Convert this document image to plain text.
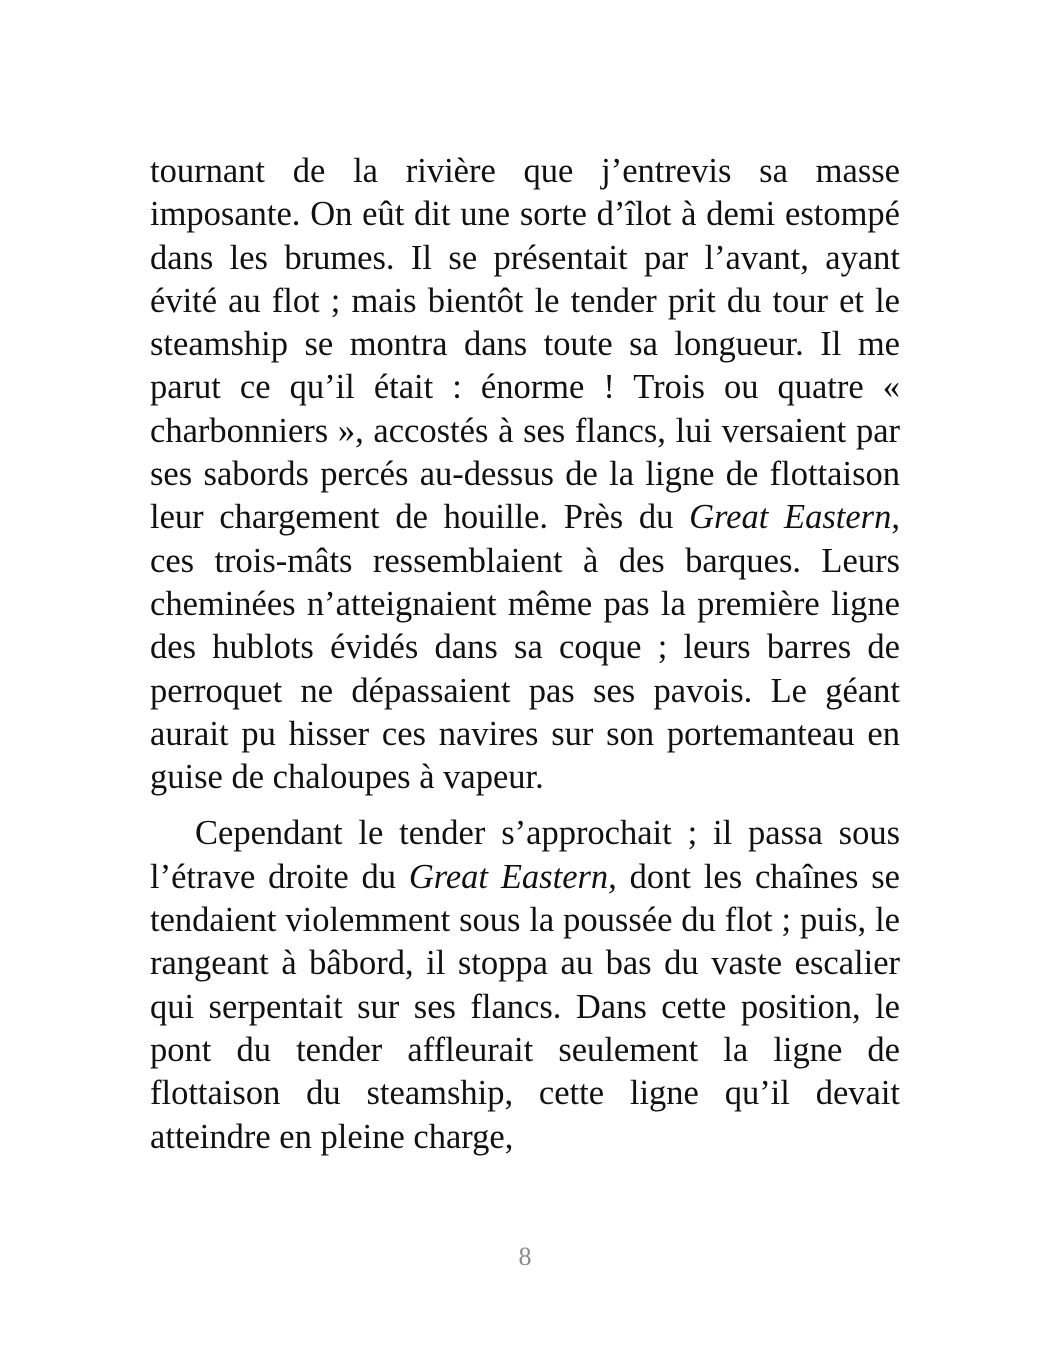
tournant de la rivière que j’entrevis sa masse imposante. On eût dit une sorte d’îlot à demi estompé dans les brumes. Il se présentait par l’avant, ayant évité au flot ; mais bientôt le tender prit du tour et le steamship se montra dans toute sa longueur. Il me parut ce qu’il était : énorme ! Trois ou quatre « charbonniers », accostés à ses flancs, lui versaient par ses sabords percés au-dessus de la ligne de flottaison leur chargement de houille. Près du Great Eastern, ces trois-mâts ressemblaient à des barques. Leurs cheminées n’atteignaient même pas la première ligne des hublots évidés dans sa coque ; leurs barres de perroquet ne dépassaient pas ses pavois. Le géant aurait pu hisser ces navires sur son portemanteau en guise de chaloupes à vapeur.

Cependant le tender s’approchait ; il passa sous l’étrave droite du Great Eastern, dont les chaînes se tendaient violemment sous la poussée du flot ; puis, le rangeant à bâbord, il stoppa au bas du vaste escalier qui serpentait sur ses flancs. Dans cette position, le pont du tender affleurait seulement la ligne de flottaison du steamship, cette ligne qu’il devait atteindre en pleine charge,

8
